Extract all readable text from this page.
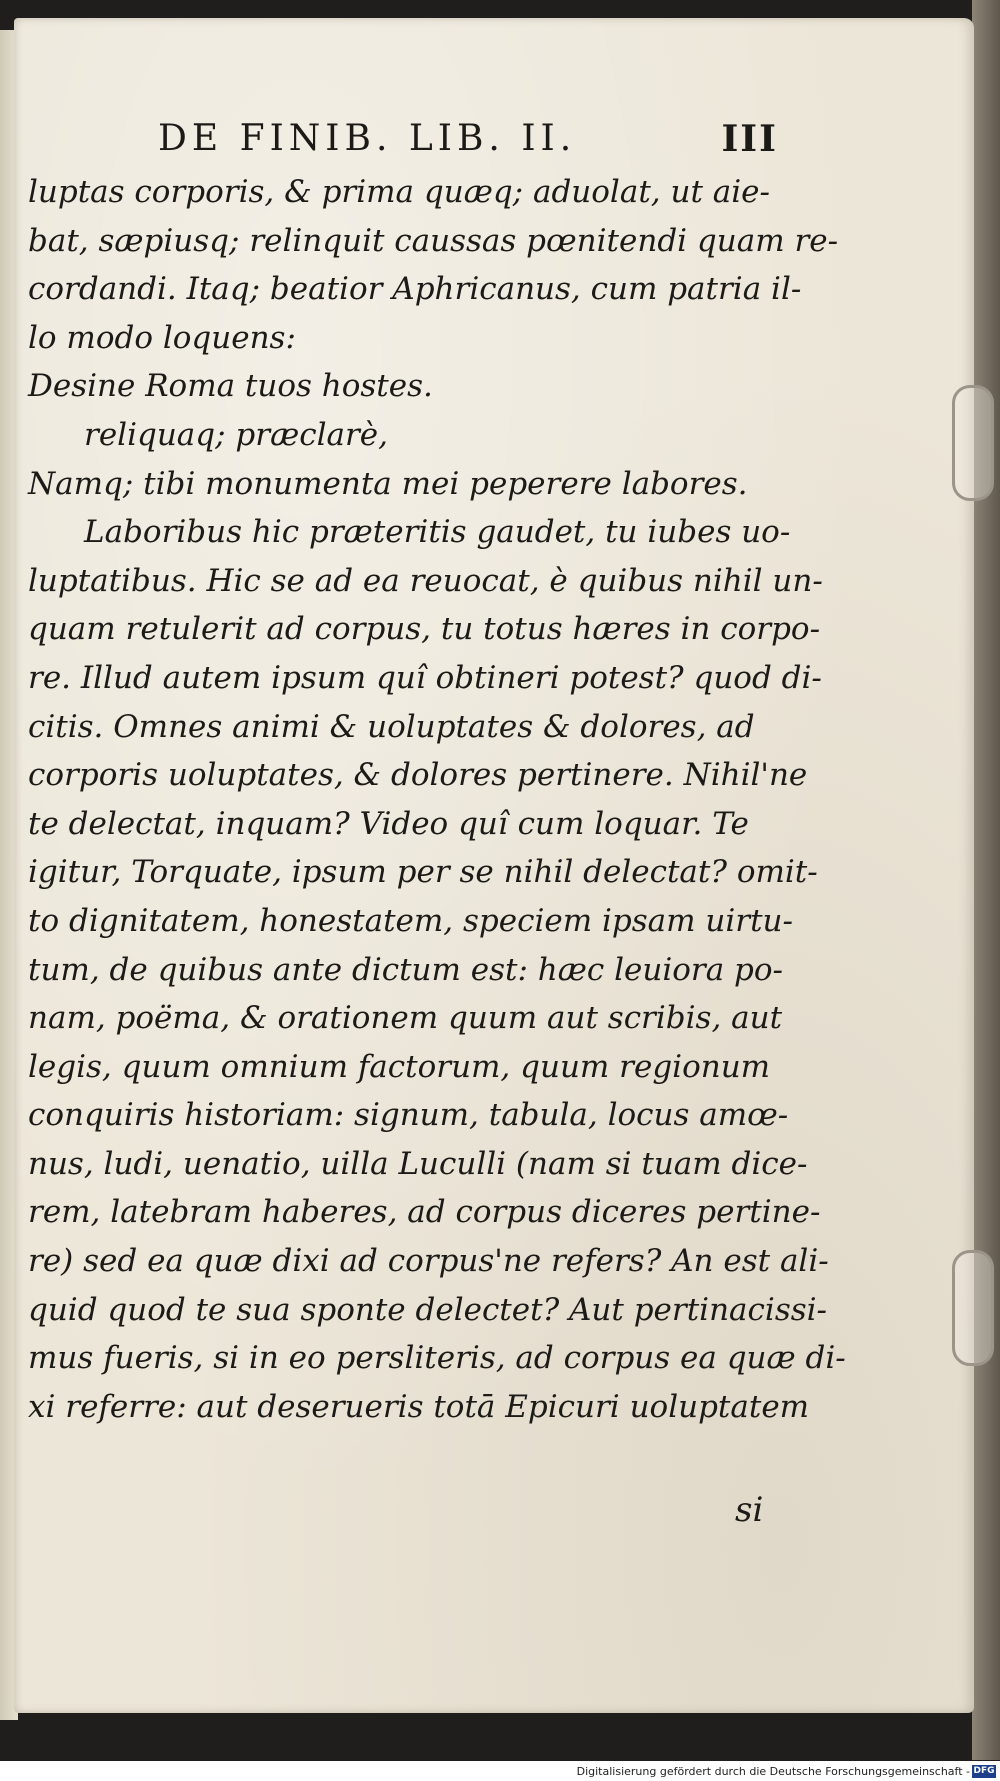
DE FINIB. LIB. II.	III
luptas corporis, & prima quæq; aduolat, ut aie-
bat, sæpiusq; relinquit caussas pœnitendi quam re-
cordandi. Itaq; beatior Aphricanus, cum patria il-
lo modo loquens:
Desine Roma tuos hostes.
reliquaq; præclarè,
Namq; tibi monumenta mei peperere labores.
Laboribus hic præteritis gaudet, tu iubes uo-
luptatibus. Hic se ad ea reuocat, è quibus nihil un-
quam retulerit ad corpus, tu totus hæres in corpo-
re. Illud autem ipsum quî obtineri potest? quod di-
citis. Omnes animi & uoluptates & dolores, ad
corporis uoluptates, & dolores pertinere. Nihil'ne
te delectat, inquam? Video quî cum loquar. Te
igitur, Torquate, ipsum per se nihil delectat? omit-
to dignitatem, honestatem, speciem ipsam uirtu-
tum, de quibus ante dictum est: hæc leuiora po-
nam, poëma, & orationem quum aut scribis, aut
legis, quum omnium factorum, quum regionum
conquiris historiam: signum, tabula, locus amœ-
nus, ludi, uenatio, uilla Luculli (nam si tuam dice-
rem, latebram haberes, ad corpus diceres pertine-
re) sed ea quæ dixi ad corpus'ne refers? An est ali-
quid quod te sua sponte delectet? Aut pertinacissi-
mus fueris, si in eo persliteris, ad corpus ea quæ di-
xi referre: aut deserueris totā Epicuri uoluptatem
si
Digitalisierung gefördert durch die Deutsche Forschungsgemeinschaft - DFG
